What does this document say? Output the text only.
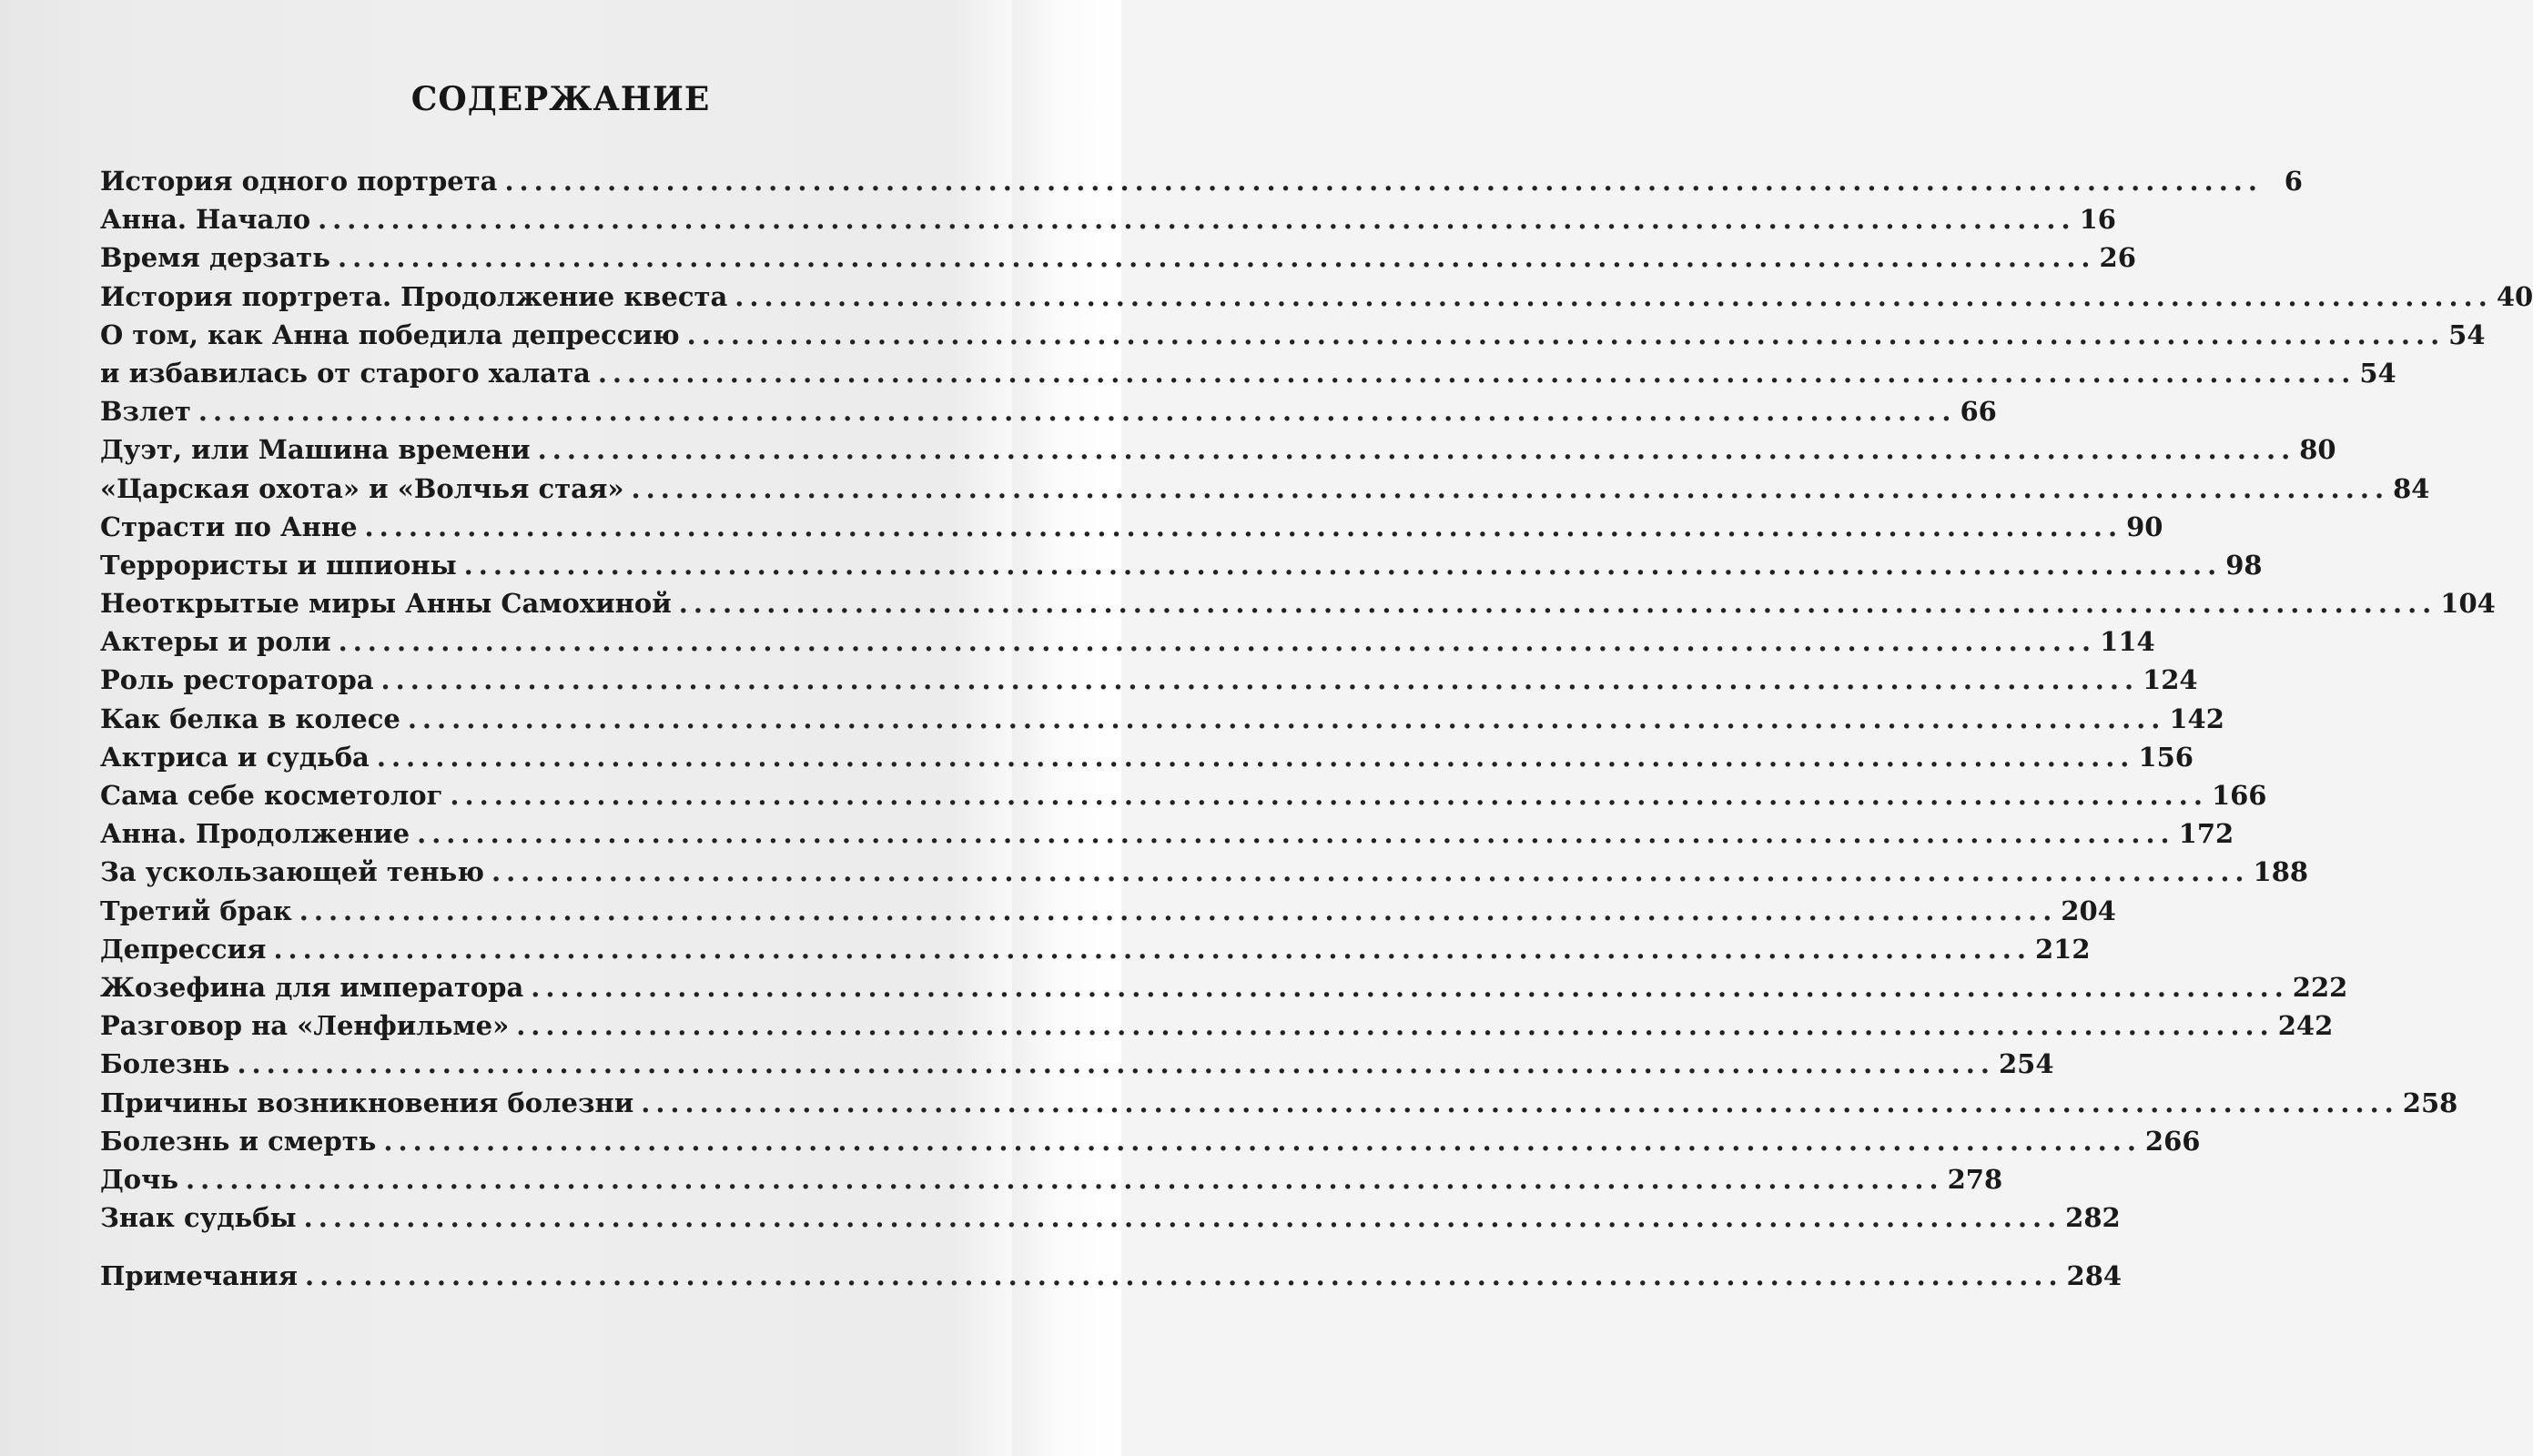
СОДЕРЖАНИЕ
История одного портрета ........................................................................................................................ 6
Анна. Начало ........................................................................................................................ 16
Время дерзать ........................................................................................................................ 26
История портрета. Продолжение квеста ........................................................................................................................ 40
О том, как Анна победила депрессию ........................................................................................................................ 54
и избавилась от старого халата ........................................................................................................................ 54
Взлет ........................................................................................................................ 66
Дуэт, или Машина времени ........................................................................................................................ 80
«Царская охота» и «Волчья стая» ........................................................................................................................ 84
Страсти по Анне ........................................................................................................................ 90
Террористы и шпионы ........................................................................................................................ 98
Неоткрытые миры Анны Самохиной ........................................................................................................................ 104
Актеры и роли ........................................................................................................................ 114
Роль ресторатора ........................................................................................................................ 124
Как белка в колесе ........................................................................................................................ 142
Актриса и судьба ........................................................................................................................ 156
Сама себе косметолог ........................................................................................................................ 166
Анна. Продолжение ........................................................................................................................ 172
За ускользающей тенью ........................................................................................................................ 188
Третий брак ........................................................................................................................ 204
Депрессия ........................................................................................................................ 212
Жозефина для императора ........................................................................................................................ 222
Разговор на «Ленфильме» ........................................................................................................................ 242
Болезнь ........................................................................................................................ 254
Причины возникновения болезни ........................................................................................................................ 258
Болезнь и смерть ........................................................................................................................ 266
Дочь ........................................................................................................................ 278
Знак судьбы ........................................................................................................................ 282
Примечания ........................................................................................................................ 284
